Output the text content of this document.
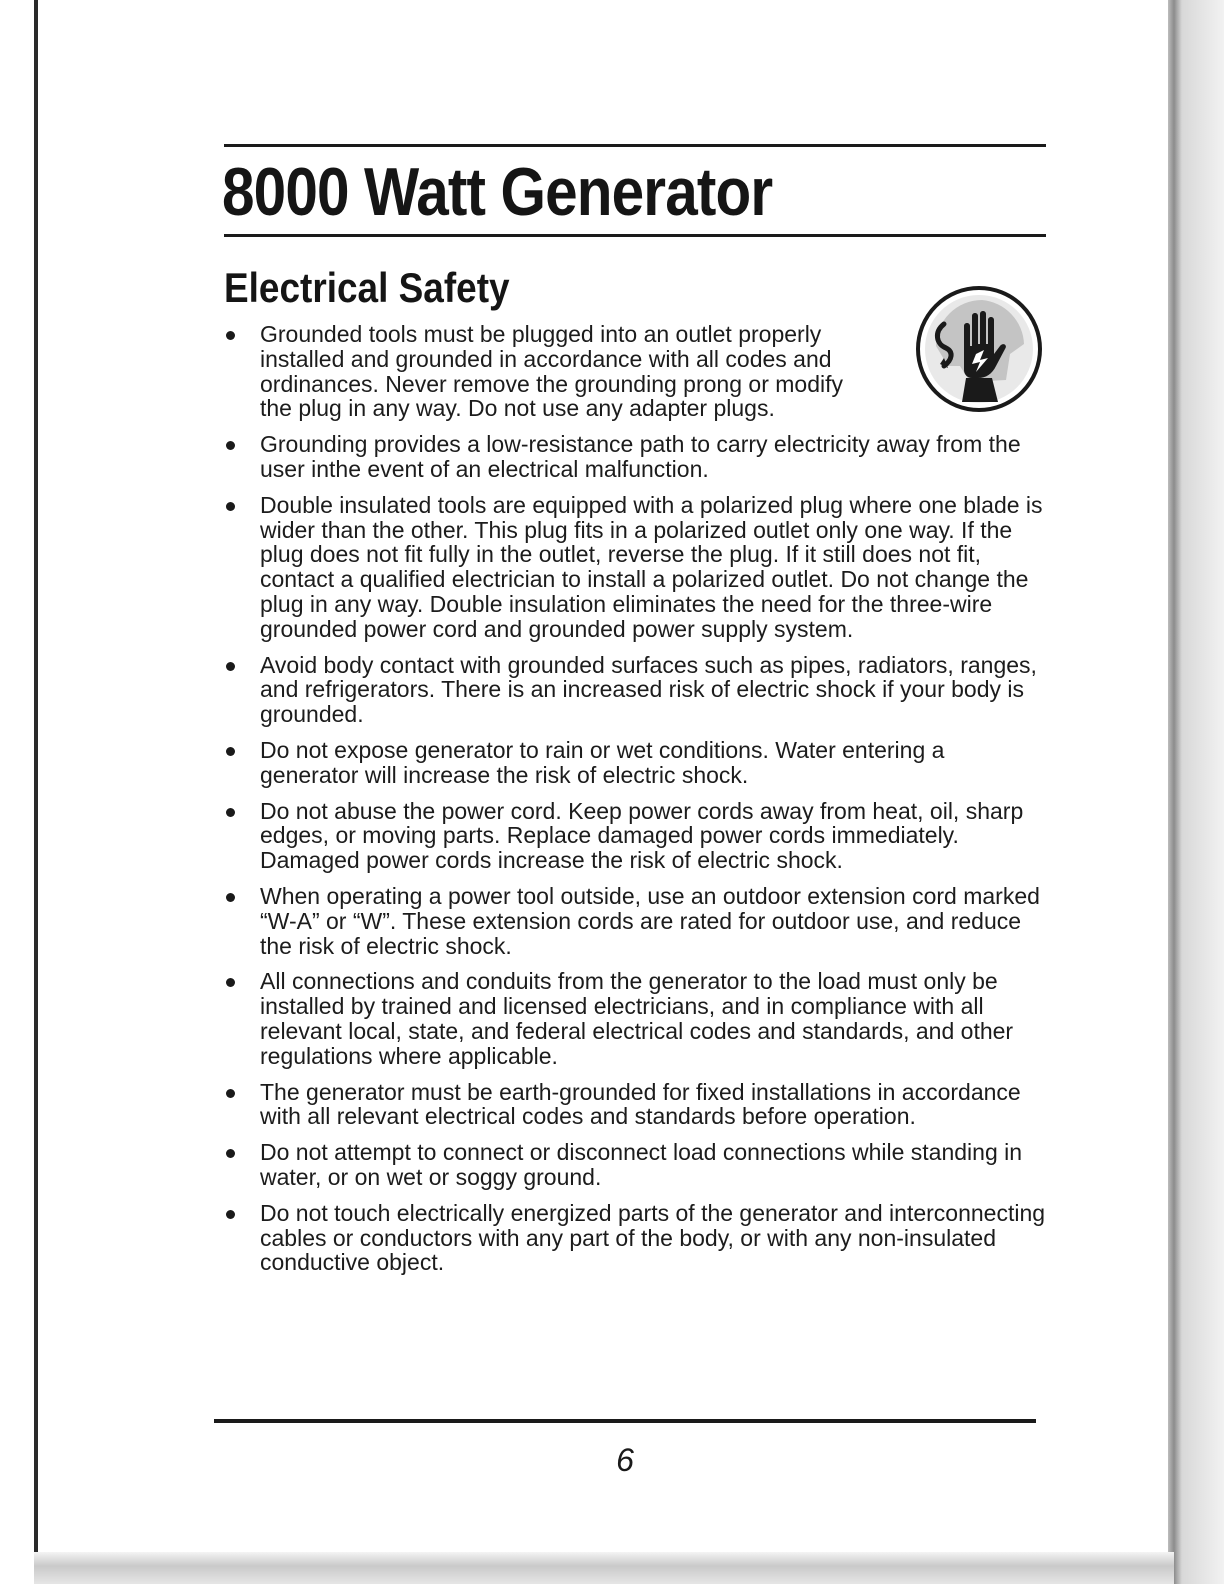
8000 Watt Generator
Electrical Safety
Grounded tools must be plugged into an outlet properly installed and grounded in accordance with all codes and ordinances. Never remove the grounding prong or modify the plug in any way. Do not use any adapter plugs.
Grounding provides a low-resistance path to carry electricity away from the user inthe event of an electrical malfunction.
Double insulated tools are equipped with a polarized plug where one blade is wider than the other. This plug fits in a polarized outlet only one way. If the plug does not fit fully in the outlet, reverse the plug. If it still does not fit, contact a qualified electrician to install a polarized outlet. Do not change the plug in any way. Double insulation eliminates the need for the three-wire grounded power cord and grounded power supply system.
Avoid body contact with grounded surfaces such as pipes, radiators, ranges, and refrigerators. There is an increased risk of electric shock if your body is grounded.
Do not expose generator to rain or wet conditions. Water entering a generator will increase the risk of electric shock.
Do not abuse the power cord. Keep power cords away from heat, oil, sharp edges, or moving parts. Replace damaged power cords immediately. Damaged power cords increase the risk of electric shock.
When operating a power tool outside, use an outdoor extension cord marked “W-A” or “W”. These extension cords are rated for outdoor use, and reduce the risk of electric shock.
All connections and conduits from the generator to the load must only be installed by trained and licensed electricians, and in compliance with all relevant local, state, and federal electrical codes and standards, and other regulations where applicable.
The generator must be earth-grounded for fixed installations in accordance with all relevant electrical codes and standards before operation.
Do not attempt to connect or disconnect load connections while standing in water, or on wet or soggy ground.
Do not touch electrically energized parts of the generator and interconnecting cables or conductors with any part of the body, or with any non-insulated conductive object.
6
